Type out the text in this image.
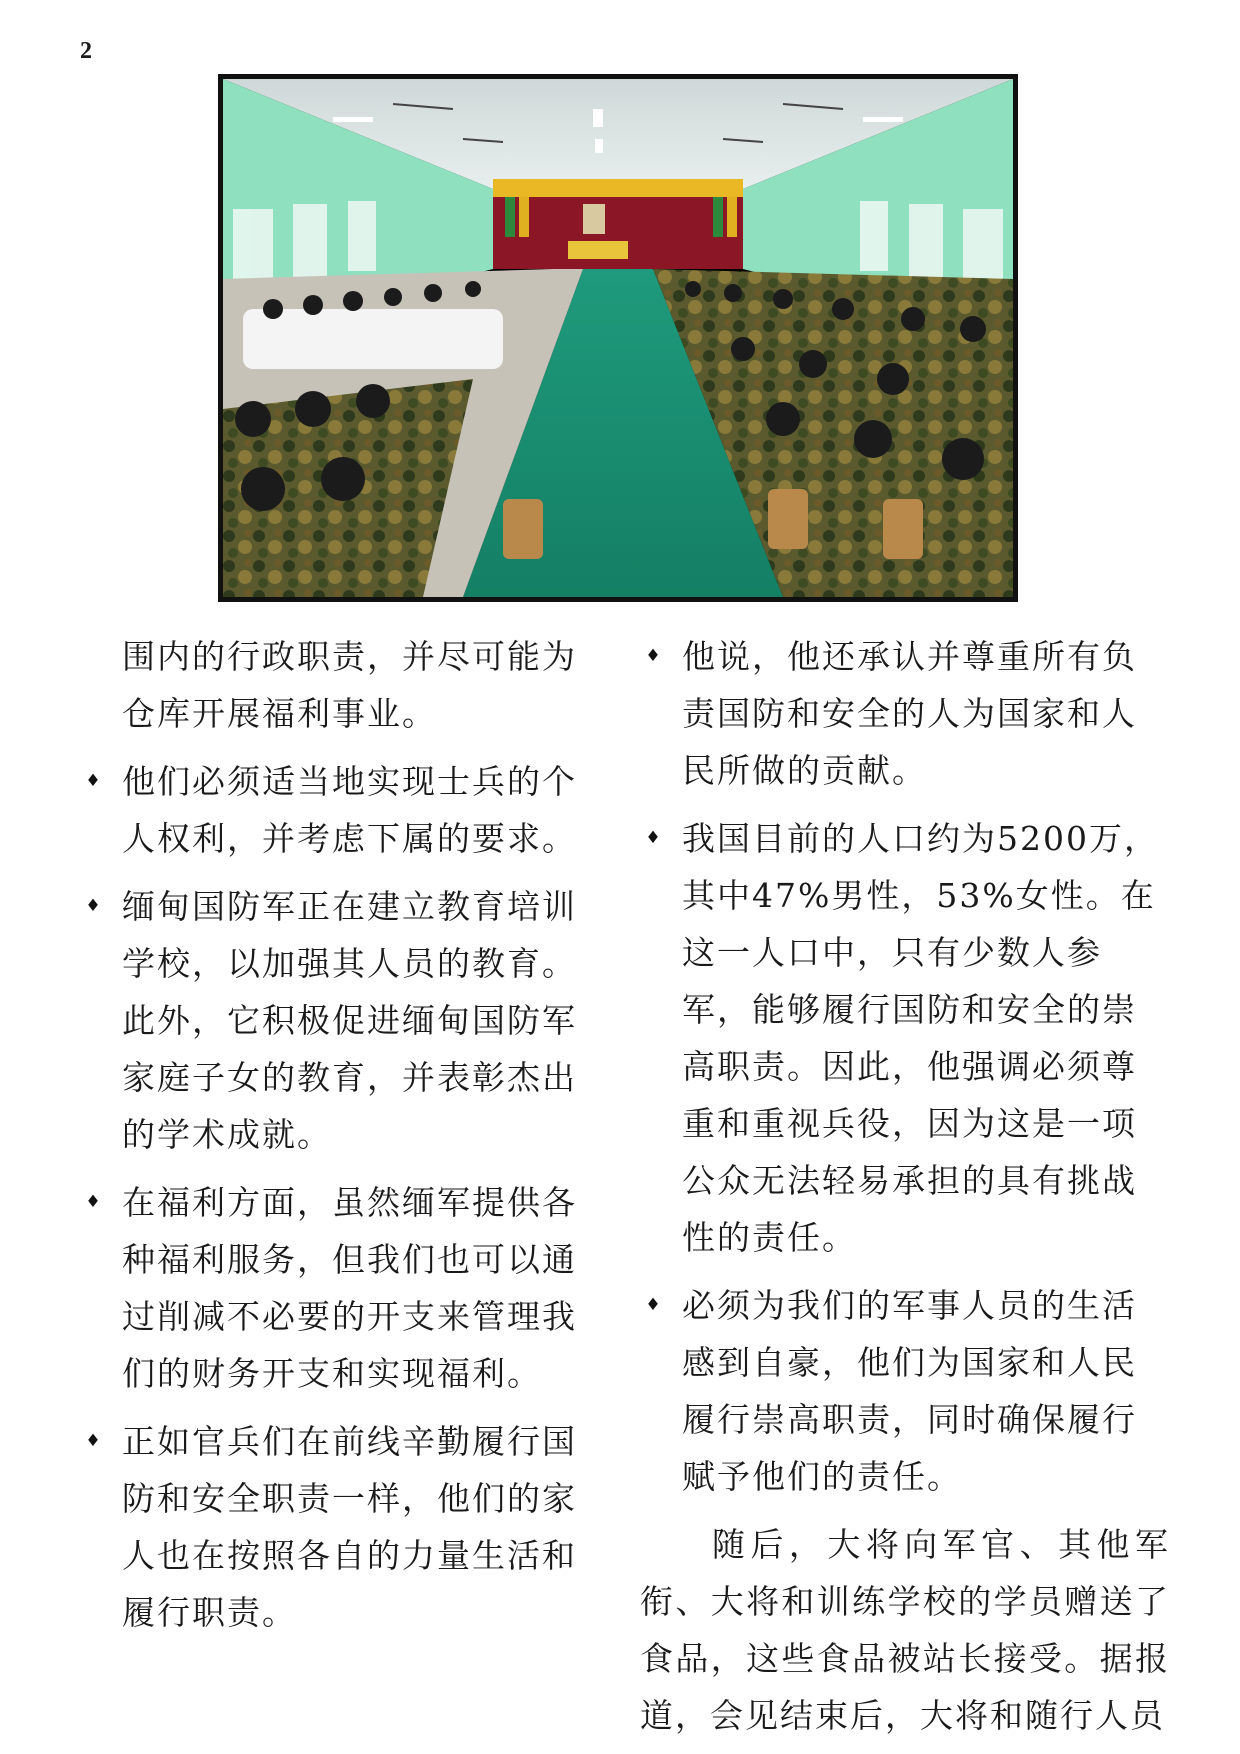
2

围内的行政职责，并尽可能为仓库开展福利事业。

♦ 他们必须适当地实现士兵的个人权利，并考虑下属的要求。
♦ 缅甸国防军正在建立教育培训学校，以加强其人员的教育。此外，它积极促进缅甸国防军家庭子女的教育，并表彰杰出的学术成就。
♦ 在福利方面，虽然缅军提供各种福利服务，但我们也可以通过削减不必要的开支来管理我们的财务开支和实现福利。
♦ 正如官兵们在前线辛勤履行国防和安全职责一样，他们的家人也在按照各自的力量生活和履行职责。
♦ 他说，他还承认并尊重所有负责国防和安全的人为国家和人民所做的贡献。
♦ 我国目前的人口约为5200万，其中47%男性，53%女性。在这一人口中，只有少数人参军，能够履行国防和安全的崇高职责。因此，他强调必须尊重和重视兵役，因为这是一项公众无法轻易承担的具有挑战性的责任。
♦ 必须为我们的军事人员的生活感到自豪，他们为国家和人民履行崇高职责，同时确保履行赋予他们的责任。

随后，大将向军官、其他军衔、大将和训练学校的学员赠送了食品，这些食品被站长接受。据报道，会见结束后，大将和随行人员
